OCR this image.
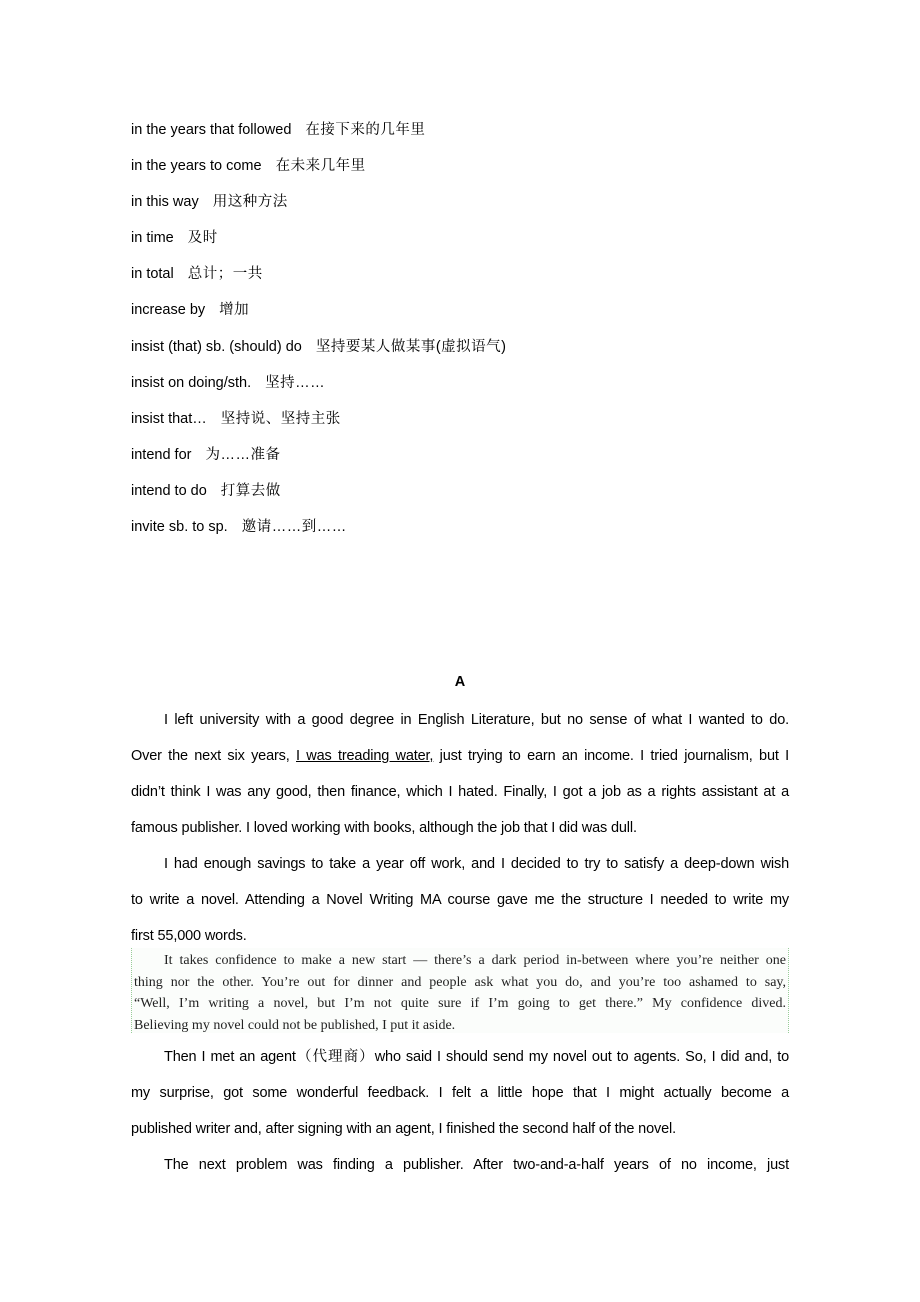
in the years that followed 在接下来的几年里
in the years to come 在未来几年里
in this way 用这种方法
in time 及时
in total 总计；一共
increase by 增加
insist (that) sb. (should) do 坚持要某人做某事(虚拟语气)
insist on doing/sth. 坚持……
insist that… 坚持说、坚持主张
intend for 为……准备
intend to do 打算去做
invite sb. to sp. 邀请……到……
A
I left university with a good degree in English Literature, but no sense of what I wanted to do.
Over the next six years, I was treading water, just trying to earn an income. I tried journalism, but I
didn’t think I was any good, then finance, which I hated. Finally, I got a job as a rights assistant at a
famous publisher. I loved working with books, although the job that I did was dull.
I had enough savings to take a year off work, and I decided to try to satisfy a deep-down wish
to write a novel. Attending a Novel Writing MA course gave me the structure I needed to write my
first 55,000 words.
It takes confidence to make a new start — there’s a dark period in-between where you’re neither one
thing nor the other. You’re out for dinner and people ask what you do, and you’re too ashamed to say,
“Well, I’m writing a novel, but I’m not quite sure if I’m going to get there.” My confidence dived.
Believing my novel could not be published, I put it aside.
Then I met an agent（代理商）who said I should send my novel out to agents. So, I did and, to
my surprise, got some wonderful feedback. I felt a little hope that I might actually become a
published writer and, after signing with an agent, I finished the second half of the novel.
The next problem was finding a publisher. After two-and-a-half years of no income, just
